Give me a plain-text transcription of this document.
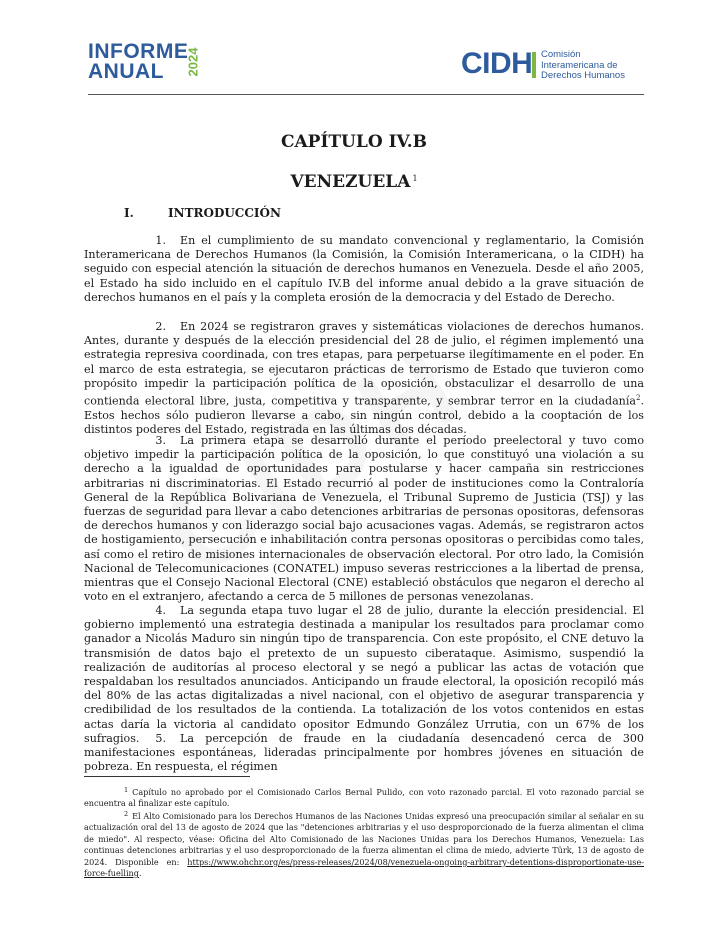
INFORME
ANUAL	2024	CIDH Comisión
Interamericana de
Derechos Humanos
CAPÍTULO IV.B
VENEZUELA $^1$
I.	INTRODUCCIÓN
1. En el cumplimiento de su mandato convencional y reglamentario, la Comisión Interamericana de Derechos Humanos (la Comisión, la Comisión Interamericana, o la CIDH) ha seguido con especial atención la situación de derechos humanos en Venezuela. Desde el año 2005, el Estado ha sido incluido en el capítulo IV.B del informe anual debido a la grave situación de derechos humanos en el país y la completa erosión de la democracia y del Estado de Derecho.
2. En 2024 se registraron graves y sistemáticas violaciones de derechos humanos. Antes, durante y después de la elección presidencial del 28 de julio, el régimen implementó una estrategia represiva coordinada, con tres etapas, para perpetuarse ilegítimamente en el poder. En el marco de esta estrategia, se ejecutaron prácticas de terrorismo de Estado que tuvieron como propósito impedir la participación política de la oposición, obstaculizar el desarrollo de una contienda electoral libre, justa, competitiva y transparente, y sembrar terror en la ciudadanía$^2$. Estos hechos sólo pudieron llevarse a cabo, sin ningún control, debido a la cooptación de los distintos poderes del Estado, registrada en las últimas dos décadas.
3. La primera etapa se desarrolló durante el período preelectoral y tuvo como objetivo impedir la participación política de la oposición, lo que constituyó una violación a su derecho a la igualdad de oportunidades para postularse y hacer campaña sin restricciones arbitrarias ni discriminatorias. El Estado recurrió al poder de instituciones como la Contraloría General de la República Bolivariana de Venezuela, el Tribunal Supremo de Justicia (TSJ) y las fuerzas de seguridad para llevar a cabo detenciones arbitrarias de personas opositoras, defensoras de derechos humanos y con liderazgo social bajo acusaciones vagas. Además, se registraron actos de hostigamiento, persecución e inhabilitación contra personas opositoras o percibidas como tales, así como el retiro de misiones internacionales de observación electoral. Por otro lado, la Comisión Nacional de Telecomunicaciones (CONATEL) impuso severas restricciones a la libertad de prensa, mientras que el Consejo Nacional Electoral (CNE) estableció obstáculos que negaron el derecho al voto en el extranjero, afectando a cerca de 5 millones de personas venezolanas.
4. La segunda etapa tuvo lugar el 28 de julio, durante la elección presidencial. El gobierno implementó una estrategia destinada a manipular los resultados para proclamar como ganador a Nicolás Maduro sin ningún tipo de transparencia. Con este propósito, el CNE detuvo la transmisión de datos bajo el pretexto de un supuesto ciberataque. Asimismo, suspendió la realización de auditorías al proceso electoral y se negó a publicar las actas de votación que respaldaban los resultados anunciados. Anticipando un fraude electoral, la oposición recopiló más del 80% de las actas digitalizadas a nivel nacional, con el objetivo de asegurar transparencia y credibilidad de los resultados de la contienda. La totalización de los votos contenidos en estas actas daría la victoria al candidato opositor Edmundo González Urrutia, con un 67% de los sufragios.	5. La percepción de fraude en la ciudadanía desencadenó cerca de 300 manifestaciones espontáneas, lideradas principalmente por hombres jóvenes en situación de pobreza. En respuesta, el régimen
1 Capítulo no aprobado por el Comisionado Carlos Bernal Pulido, con voto razonado parcial. El voto razonado parcial se encuentra al finalizar este capítulo.
2 El Alto Comisionado para los Derechos Humanos de las Naciones Unidas expresó una preocupación similar al señalar en su actualización oral del 13 de agosto de 2024 que las "detenciones arbitrarias y el uso desproporcionado de la fuerza alimentan el clima de miedo". Al respecto, véase: Oficina del Alto Comisionado de las Naciones Unidas para los Derechos Humanos, Venezuela: Las continuas detenciones arbitrarias y el uso desproporcionado de la fuerza alimentan el clima de miedo, advierte Türk, 13 de agosto de 2024. Disponible en: https://www.ohchr.org/es/press-releases/2024/08/venezuela-ongoing-arbitrary-detentions-disproportionate-use-force-fuelling.
